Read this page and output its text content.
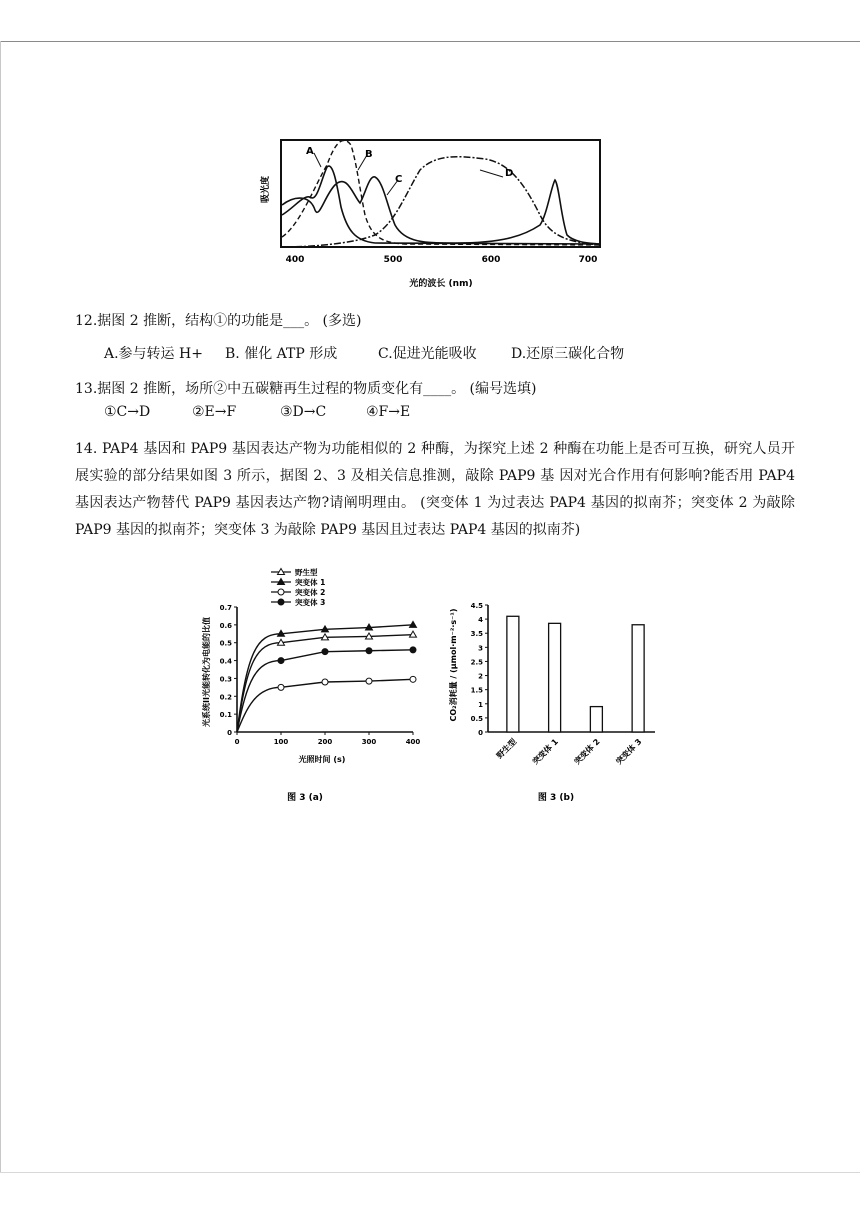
吸光度
400	500	600	700
光的波长 (nm)
A	B
C
D
12.据图 2 推断，结构①的功能是___。 (多选)
A.参与转运 H+ B. 催化 ATP 形成	C.促进光能吸收 D.还原三碳化合物
13.据图 2 推断，场所②中五碳糖再生过程的物质变化有____。 (编号选填)
①C→D	②E→F	③D→C	④F→E
14. PAP4 基因和 PAP9 基因表达产物为功能相似的 2 种酶，为探究上述 2 种酶在功能上是否可互换，研究人员开展实验的部分结果如图 3 所示，据图 2、3 及相关信息推测，敲除 PAP9 基 因对光合作用有何影响?能否用 PAP4 基因表达产物替代 PAP9 基因表达产物?请阐明理由。 (突变体 1 为过表达 PAP4 基因的拟南芥；突变体 2 为敲除 PAP9 基因的拟南芥；突变体 3 为敲除 PAP9 基因且过表达 PAP4 基因的拟南芥)
野生型
突变体 1
突变体 2
突变体 3
0
0.1
0.2
0.3
0.4
0.5
0.6
0.7
0	100	200	300	400
光系统II光能转化为电能的比值
光照时间 (s)
图 3 (a)
0
0.5
1
1.5
2
2.5
3
3.5
4
4.5
野生型 突变体 1 突变体 2 突变体 3
CO₂消耗量 / (μmol·m⁻²·s⁻¹)
图 3 (b)
